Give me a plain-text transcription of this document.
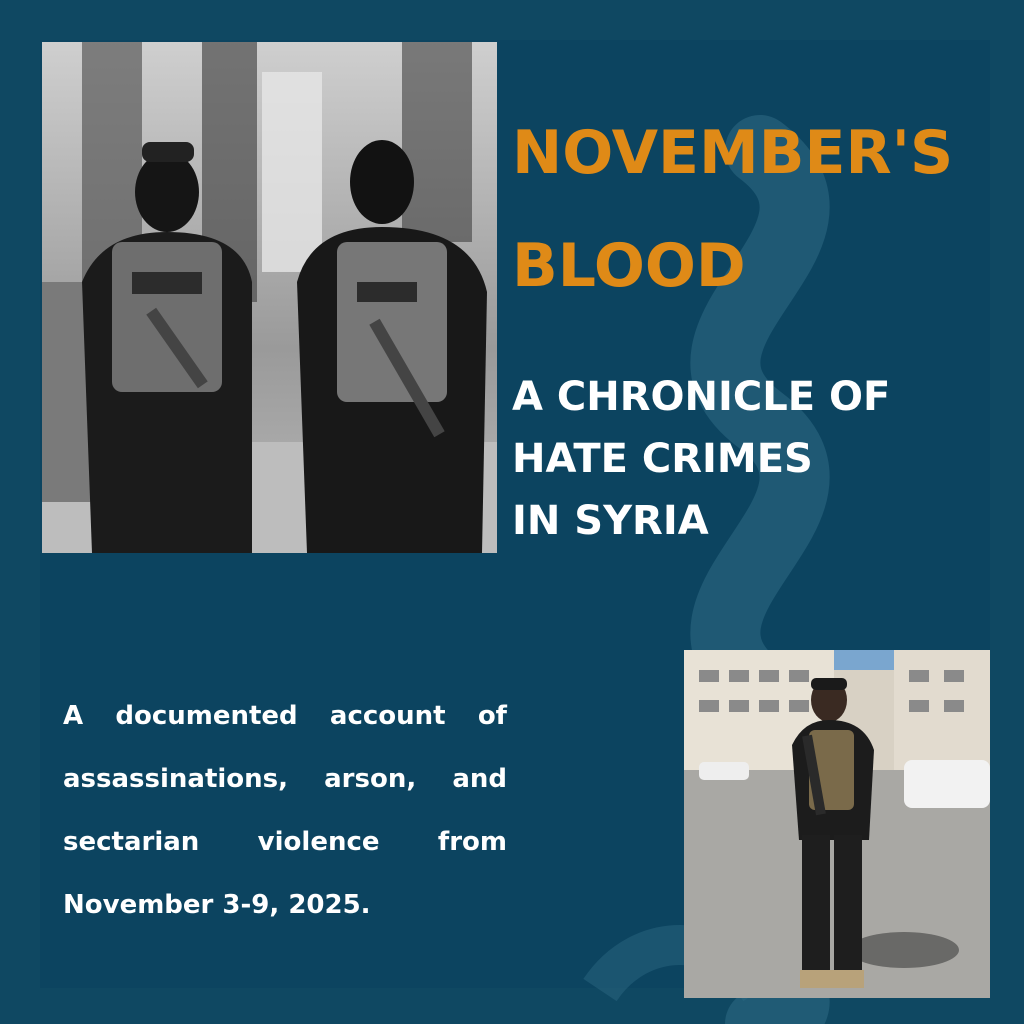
NOVEMBER'S
BLOOD
A CHRONICLE OF
HATE CRIMES
IN SYRIA
A documented account of assassinations, arson, and sectarian violence from November 3-9, 2025.
